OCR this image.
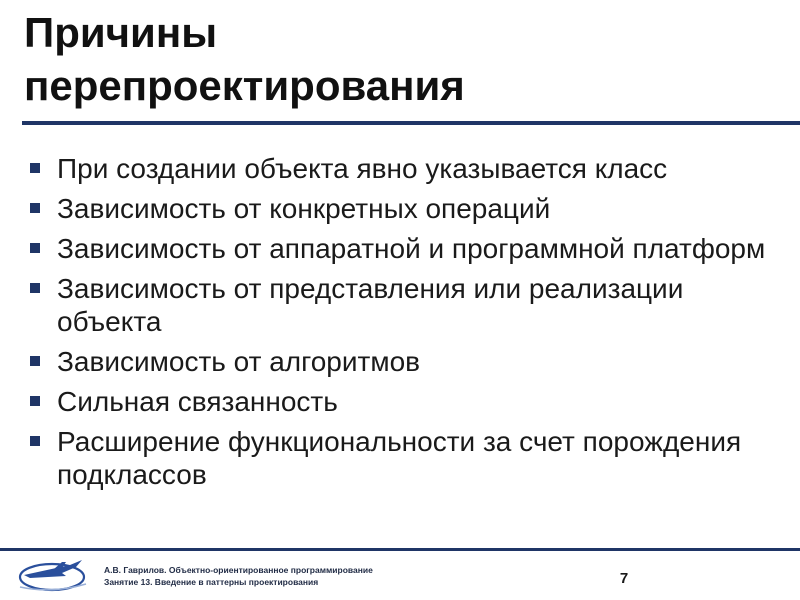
Причины
перепроектирования
При создании объекта явно указывается класс
Зависимость от конкретных операций
Зависимость от аппаратной и программной платформ
Зависимость от представления или реализации объекта
Зависимость от алгоритмов
Сильная связанность
Расширение функциональности за счет порождения подклассов
А.В. Гаврилов. Объектно-ориентированное программирование
Занятие 13. Введение в паттерны проектирования	7
